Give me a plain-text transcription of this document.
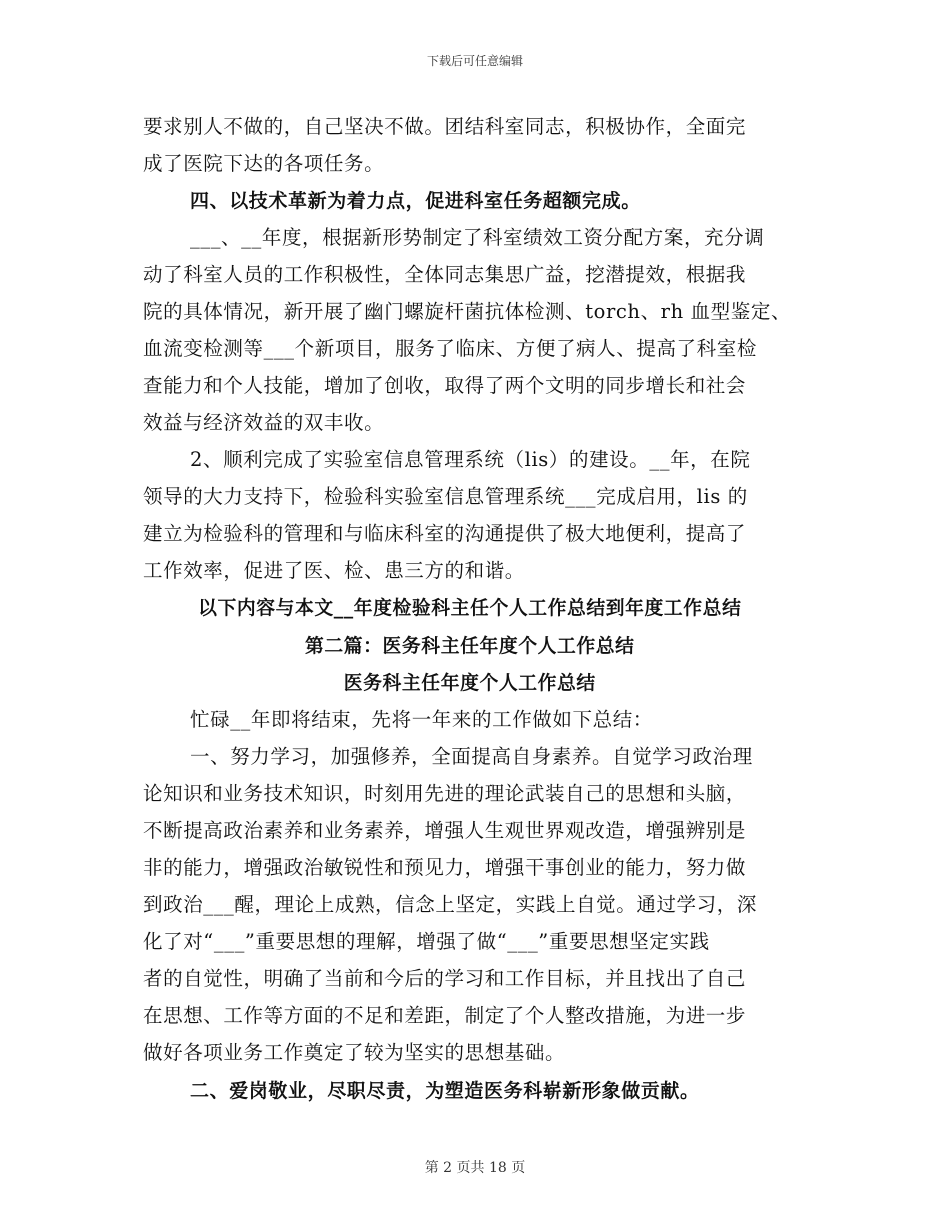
下载后可任意编辑
要求别人不做的，自己坚决不做。团结科室同志，积极协作，全面完
成了医院下达的各项任务。
四、以技术革新为着力点，促进科室任务超额完成。
___、__年度，根据新形势制定了科室绩效工资分配方案，充分调
动了科室人员的工作积极性，全体同志集思广益，挖潜提效，根据我
院的具体情况，新开展了幽门螺旋杆菌抗体检测、torch、rh 血型鉴定、
血流变检测等___个新项目，服务了临床、方便了病人、提高了科室检
查能力和个人技能，增加了创收，取得了两个文明的同步增长和社会
效益与经济效益的双丰收。
2、顺利完成了实验室信息管理系统（lis）的建设。__年，在院
领导的大力支持下，检验科实验室信息管理系统___完成启用，lis 的
建立为检验科的管理和与临床科室的沟通提供了极大地便利，提高了
工作效率，促进了医、检、患三方的和谐。
以下内容与本文__年度检验科主任个人工作总结到年度工作总结
第二篇：医务科主任年度个人工作总结
医务科主任年度个人工作总结
忙碌__年即将结束，先将一年来的工作做如下总结：
一、努力学习，加强修养，全面提高自身素养。自觉学习政治理
论知识和业务技术知识，时刻用先进的理论武装自己的思想和头脑，
不断提高政治素养和业务素养，增强人生观世界观改造，增强辨别是
非的能力，增强政治敏锐性和预见力，增强干事创业的能力，努力做
到政治___醒，理论上成熟，信念上坚定，实践上自觉。通过学习，深
化了对“___”重要思想的理解，增强了做“___”重要思想坚定实践
者的自觉性，明确了当前和今后的学习和工作目标，并且找出了自己
在思想、工作等方面的不足和差距，制定了个人整改措施，为进一步
做好各项业务工作奠定了较为坚实的思想基础。
二、爱岗敬业，尽职尽责，为塑造医务科崭新形象做贡献。
第 2 页共 18 页
